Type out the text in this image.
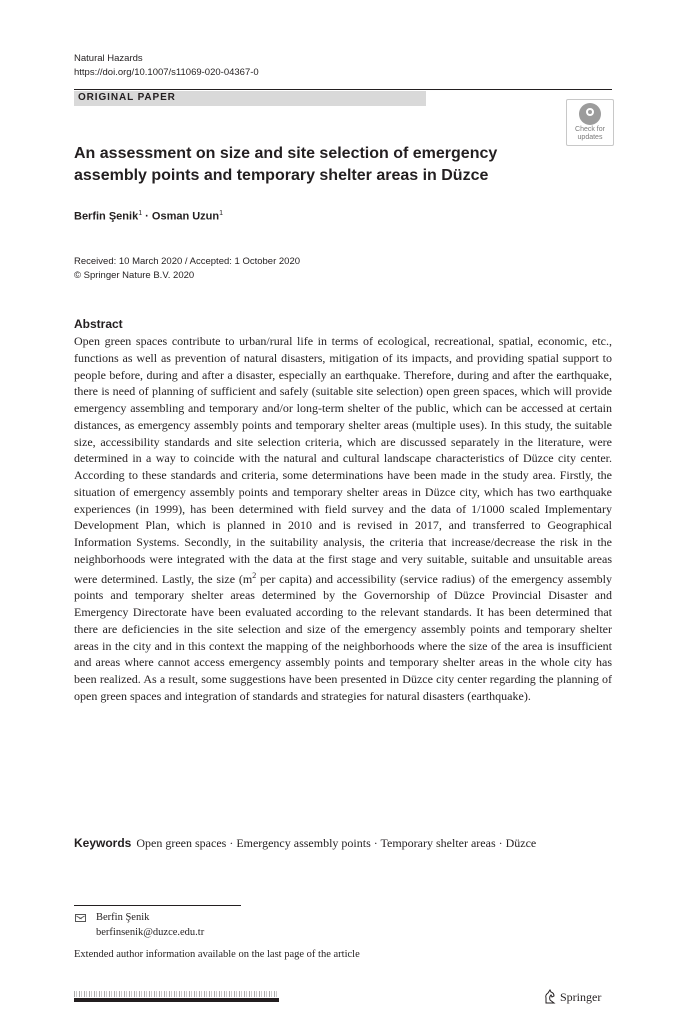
Natural Hazards
https://doi.org/10.1007/s11069-020-04367-0
ORIGINAL PAPER
Check for updates
An assessment on size and site selection of emergency assembly points and temporary shelter areas in Düzce
Berfin Şenik$^1$ · Osman Uzun$^1$
Received: 10 March 2020 / Accepted: 1 October 2020
© Springer Nature B.V. 2020
Abstract
Open green spaces contribute to urban/rural life in terms of ecological, recreational, spatial, economic, etc., functions as well as prevention of natural disasters, mitigation of its impacts, and providing spatial support to people before, during and after a disaster, especially an earthquake. Therefore, during and after the earthquake, there is need of planning of sufficient and safely (suitable site selection) open green spaces, which will provide emergency assembling and temporary and/or long-term shelter of the public, which can be accessed at certain distances, as emergency assembly points and temporary shelter areas (multiple uses). In this study, the suitable size, accessibility standards and site selection criteria, which are discussed separately in the literature, were determined in a way to coincide with the natural and cultural landscape characteristics of Düzce city center. According to these standards and criteria, some determinations have been made in the study area. Firstly, the situation of emergency assembly points and temporary shelter areas in Düzce city, which has two earthquake experiences (in 1999), has been determined with field survey and the data of 1/1000 scaled Implementary Development Plan, which is planned in 2010 and is revised in 2017, and transferred to Geographical Information Systems. Secondly, in the suitability analysis, the criteria that increase/decrease the risk in the neighborhoods were integrated with the data at the first stage and very suitable, suitable and unsuitable areas were determined. Lastly, the size ($m^2$ per capita) and accessibility (service radius) of the emergency assembly points and temporary shelter areas determined by the Governorship of Düzce Provincial Disaster and Emergency Directorate have been evaluated according to the relevant standards. It has been determined that there are deficiencies in the site selection and size of the emergency assembly points and temporary shelter areas in the city and in this context the mapping of the neighborhoods where the size of the area is insufficient and areas where cannot access emergency assembly points and temporary shelter areas in the whole city has been realized. As a result, some suggestions have been presented in Düzce city center regarding the planning of open green spaces and integration of standards and strategies for natural disasters (earthquake).
Keywords Open green spaces · Emergency assembly points · Temporary shelter areas · Düzce
Berfin Şenik
berfinsenik@duzce.edu.tr
Extended author information available on the last page of the article
Springer
